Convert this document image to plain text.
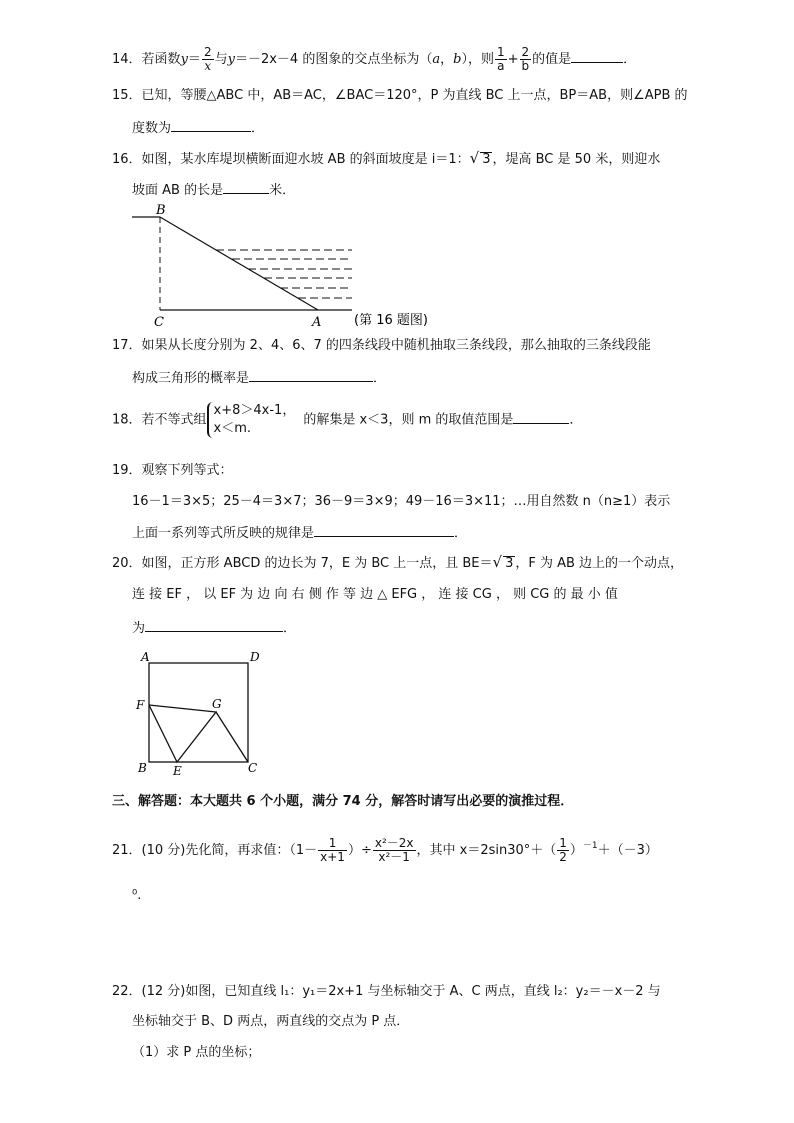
14．若函数$y= \frac{2}{x}$ 与y＝－2x－4 的图象的交点坐标为（a，b），则 $\frac{1}{a} + \frac{2}{b}$ 的值是	．
15．已知，等腰△ABC 中，AB＝AC，∠BAC＝120°，P 为直线 BC 上一点，BP＝AB，则∠APB 的
度数为	．
16．如图，某水库堤坝横断面迎水坡 AB 的斜面坡度是 i＝1：√ 3 ，堤高 BC 是 50 米，则迎水
坡面 AB 的长是	米．
B
C	A	(第 16 题图)
17．如果从长度分别为 2、4、6、7 的四条线段中随机抽取三条线段，那么抽取的三条线段能
构成三角形的概率是	．
18．若不等式组
x+8＞4x-1，
x＜m.
的解集是 x＜3，则 m 的取值范围是	．
19．观察下列等式：
16－1＝3×5；25－4＝3×7；36－9＝3×9；49－16＝3×11；…用自然数 n（n≥1）表示
上面一系列等式所反映的规律是	．
20．如图，正方形 ABCD 的边长为 7，E 为 BC 上一点，且 BE＝√ 3 ，F 为 AB 边上的一个动点，
连 接 EF ， 以 EF 为 边 向 右 侧 作 等 边 △ EFG ， 连 接 CG ， 则 CG 的 最 小 值
为	．
A	D
F	G
B E	C
三、解答题：本大题共 6 个小题，满分 74 分，解答时请写出必要的演推过程．
21．(10 分)先化简，再求值：（$1- \frac{1}{x+1}$ ）÷ $\frac{\text{x²－2x}}{\text{x²－1}}$ ，其中 $x=2\sin 30^\circ+( \frac{1}{2} )^{-1}+(-3)$
⁰.
22．(12 分)如图，已知直线 l₁：y₁＝2x+1 与坐标轴交于 A、C 两点，直线 l₂：y₂＝－x－2 与
坐标轴交于 B、D 两点，两直线的交点为 P 点．
（1）求 P 点的坐标；
